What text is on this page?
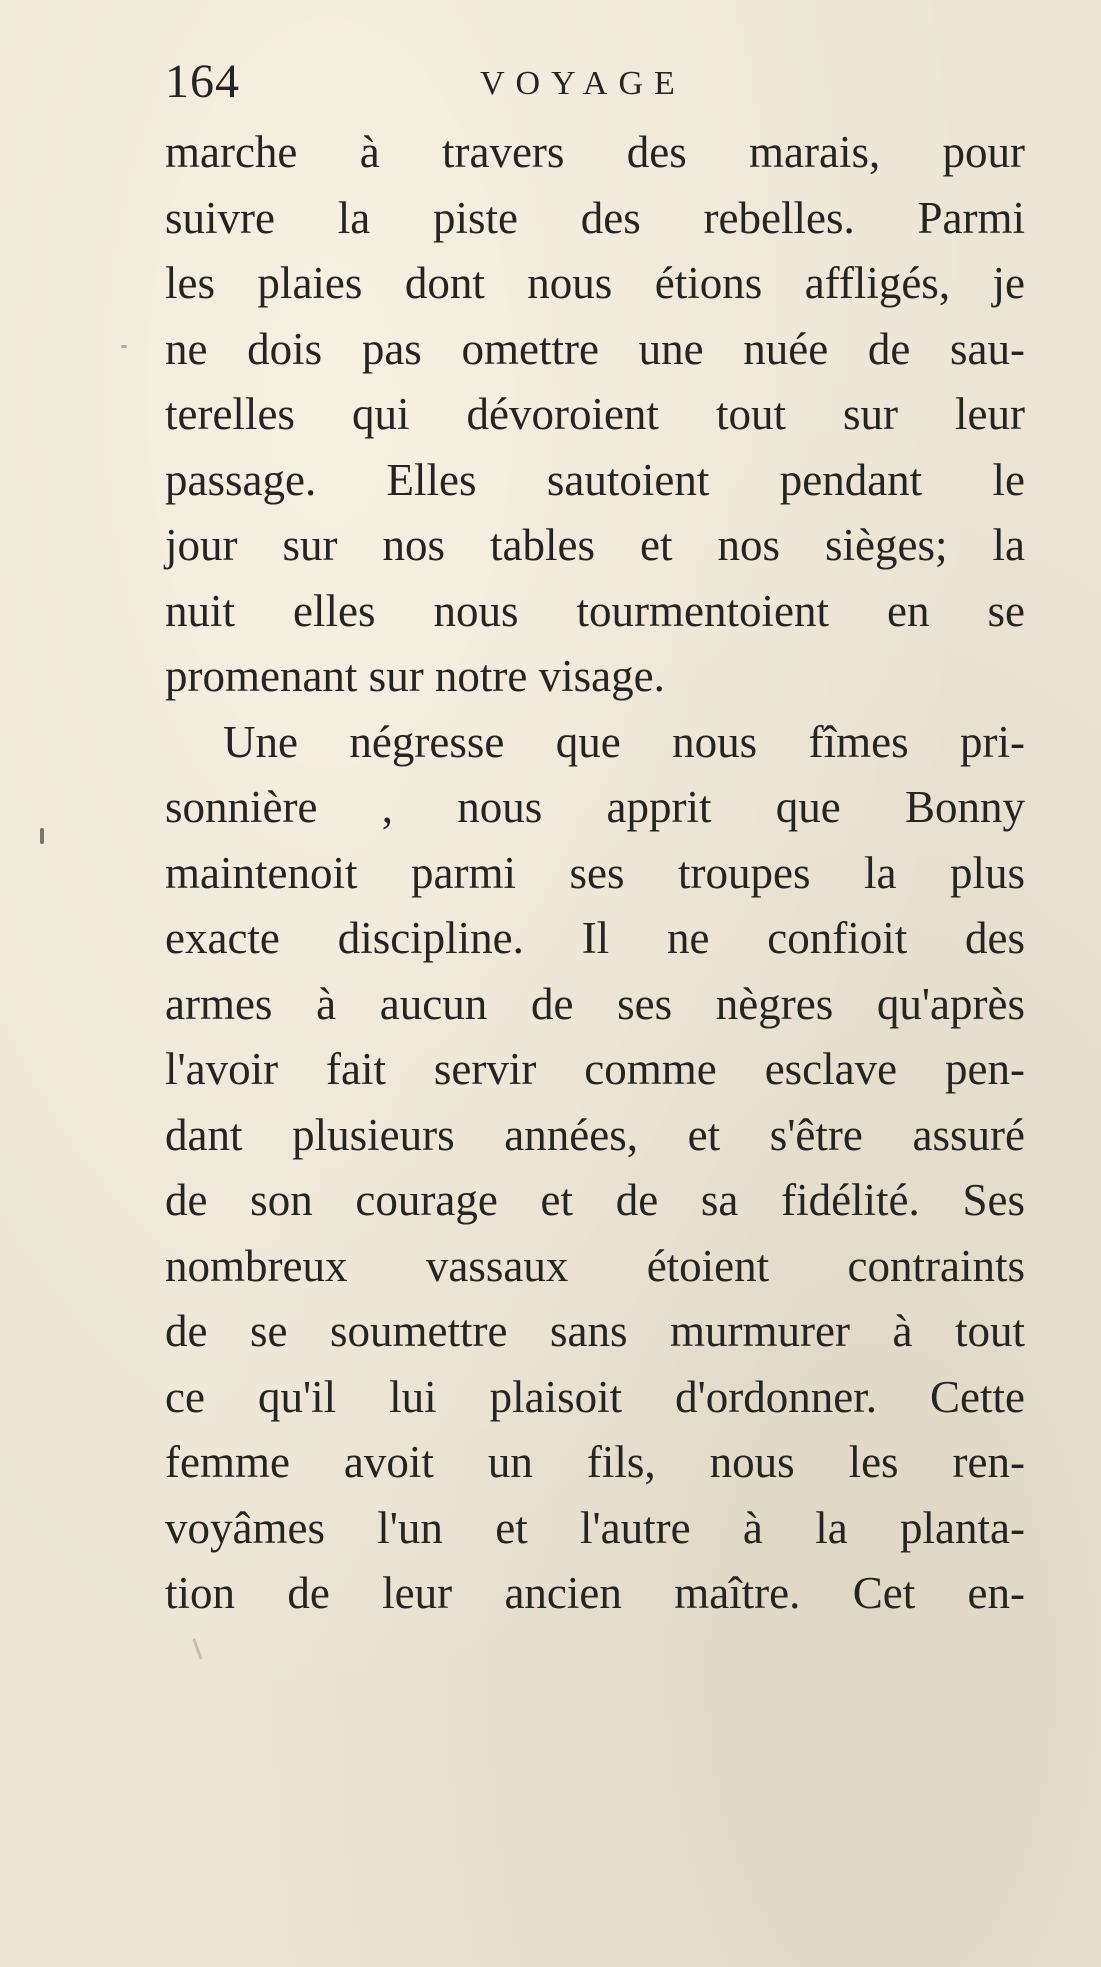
164	VOYAGE
marche à travers des marais, pour
suivre la piste des rebelles. Parmi
les plaies dont nous étions affligés, je
ne dois pas omettre une nuée de sau-
terelles qui dévoroient tout sur leur
passage. Elles sautoient pendant le
jour sur nos tables et nos sièges; la
nuit elles nous tourmentoient en se
promenant sur notre visage.
Une négresse que nous fîmes pri-
sonnière , nous apprit que Bonny
maintenoit parmi ses troupes la plus
exacte discipline. Il ne confioit des
armes à aucun de ses nègres qu'après
l'avoir fait servir comme esclave pen-
dant plusieurs années, et s'être assuré
de son courage et de sa fidélité. Ses
nombreux vassaux étoient contraints
de se soumettre sans murmurer à tout
ce qu'il lui plaisoit d'ordonner. Cette
femme avoit un fils, nous les ren-
voyâmes l'un et l'autre à la planta-
tion de leur ancien maître. Cet en-
